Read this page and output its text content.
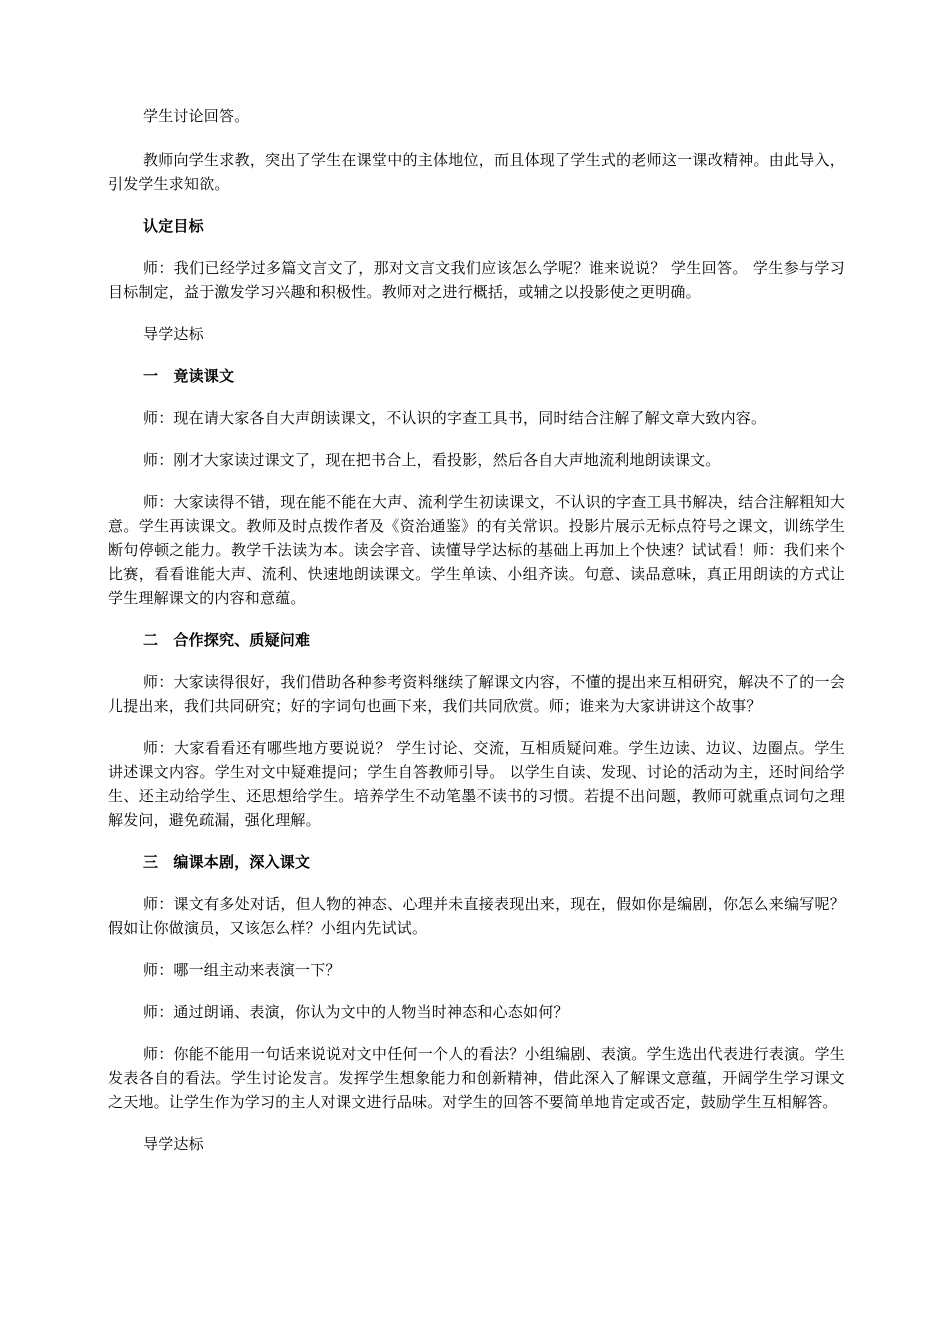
学生讨论回答。

教师向学生求教，突出了学生在课堂中的主体地位，而且体现了学生式的老师这一课改精神。由此导入，引发学生求知欲。

认定目标

师：我们已经学过多篇文言文了，那对文言文我们应该怎么学呢？谁来说说？ 学生回答。 学生参与学习目标制定，益于激发学习兴趣和积极性。教师对之进行概括，或辅之以投影使之更明确。

导学达标

一　竟读课文

师：现在请大家各自大声朗读课文，不认识的字查工具书，同时结合注解了解文章大致内容。

师：刚才大家读过课文了，现在把书合上，看投影，然后各自大声地流利地朗读课文。

师：大家读得不错，现在能不能在大声、流利学生初读课文，不认识的字查工具书解决，结合注解粗知大意。学生再读课文。教师及时点拨作者及《资治通鉴》的有关常识。投影片展示无标点符号之课文，训练学生断句停顿之能力。教学千法读为本。读会字音、读懂导学达标的基础上再加上个快速？试试看！师：我们来个比赛，看看谁能大声、流利、快速地朗读课文。学生单读、小组齐读。句意、读品意味，真正用朗读的方式让学生理解课文的内容和意蕴。

二　合作探究、质疑问难

师：大家读得很好，我们借助各种参考资料继续了解课文内容，不懂的提出来互相研究，解决不了的一会儿提出来，我们共同研究；好的字词句也画下来，我们共同欣赏。师；谁来为大家讲讲这个故事？

师：大家看看还有哪些地方要说说？ 学生讨论、交流，互相质疑问难。学生边读、边议、边圈点。学生讲述课文内容。学生对文中疑难提问；学生自答教师引导。 以学生自读、发现、讨论的活动为主，还时间给学生、还主动给学生、还思想给学生。培养学生不动笔墨不读书的习惯。若提不出问题，教师可就重点词句之理解发问，避免疏漏，强化理解。

三　编课本剧，深入课文

师：课文有多处对话，但人物的神态、心理并未直接表现出来，现在，假如你是编剧，你怎么来编写呢？假如让你做演员，又该怎么样？小组内先试试。

师：哪一组主动来表演一下？

师：通过朗诵、表演，你认为文中的人物当时神态和心态如何？

师：你能不能用一句话来说说对文中任何一个人的看法？小组编剧、表演。学生选出代表进行表演。学生发表各自的看法。学生讨论发言。发挥学生想象能力和创新精神，借此深入了解课文意蕴，开阔学生学习课文之天地。让学生作为学习的主人对课文进行品味。对学生的回答不要简单地肯定或否定，鼓励学生互相解答。

导学达标
